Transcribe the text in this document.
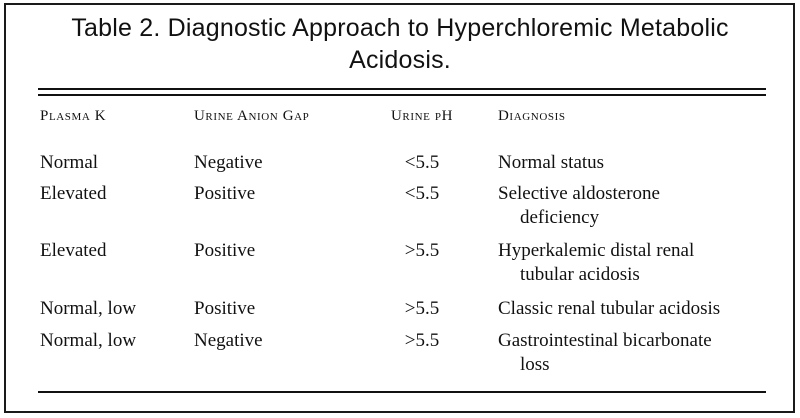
Table 2. Diagnostic Approach to Hyperchloremic Metabolic
Acidosis.
Plasma K	Urine Anion Gap	Urine pH	Diagnosis
Normal	Negative	<5.5	Normal status
Elevated	Positive	<5.5	Selective aldosterone
deficiency
Elevated	Positive	>5.5	Hyperkalemic distal renal
tubular acidosis
Normal, low	Positive	>5.5	Classic renal tubular acidosis
Normal, low	Negative	>5.5	Gastrointestinal bicarbonate
loss
